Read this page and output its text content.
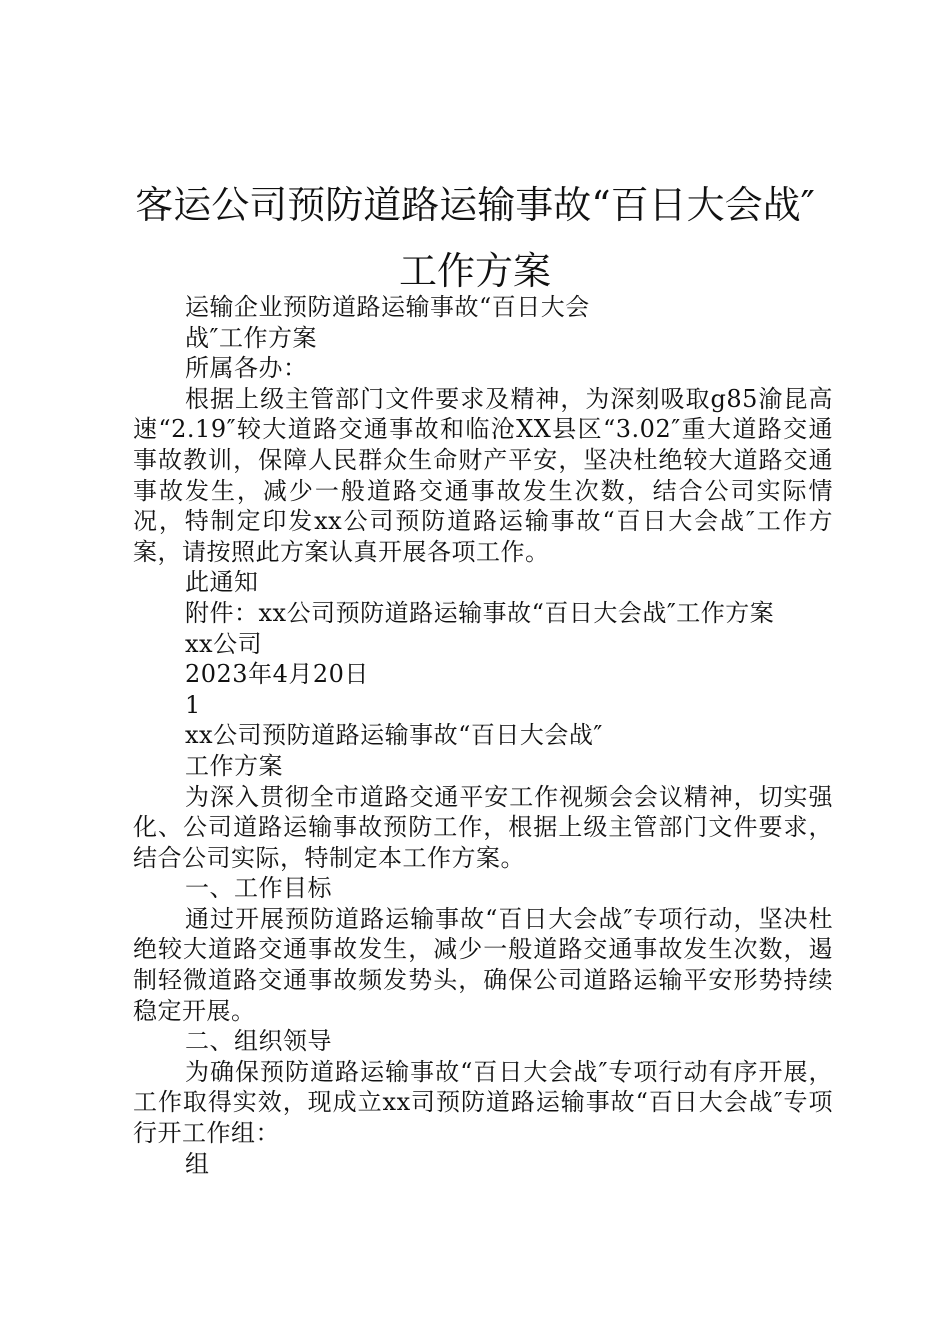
客运公司预防道路运输事故“百日大会战″工作方案

运输企业预防道路运输事故“百日大会

战″工作方案

所属各办：

根据上级主管部门文件要求及精神，为深刻吸取g85渝昆高速“2.19″较大道路交通事故和临沧XX县区“3.02″重大道路交通事故教训，保障人民群众生命财产平安，坚决杜绝较大道路交通事故发生，减少一般道路交通事故发生次数，结合公司实际情况，特制定印发xx公司预防道路运输事故“百日大会战″工作方案，请按照此方案认真开展各项工作。

此通知

附件：xx公司预防道路运输事故“百日大会战″工作方案

xx公司

2023年4月20日

1

xx公司预防道路运输事故“百日大会战″

工作方案

为深入贯彻全市道路交通平安工作视频会会议精神，切实强化、公司道路运输事故预防工作，根据上级主管部门文件要求，结合公司实际，特制定本工作方案。

一、工作目标

通过开展预防道路运输事故“百日大会战″专项行动，坚决杜绝较大道路交通事故发生，减少一般道路交通事故发生次数，遏制轻微道路交通事故频发势头，确保公司道路运输平安形势持续稳定开展。

二、组织领导

为确保预防道路运输事故“百日大会战″专项行动有序开展，工作取得实效，现成立xx司预防道路运输事故“百日大会战″专项行开工作组：

组
